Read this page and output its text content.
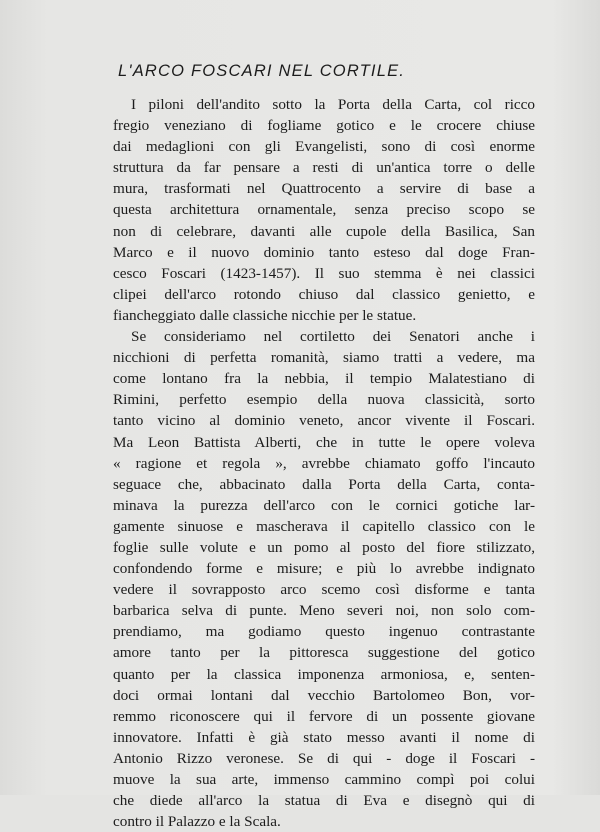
L'ARCO FOSCARI NEL CORTILE.
I piloni dell'andito sotto la Porta della Carta, col ricco
fregio veneziano di fogliame gotico e le crocere chiuse
dai medaglioni con gli Evangelisti, sono di così enorme
struttura da far pensare a resti di un'antica torre o delle
mura, trasformati nel Quattrocento a servire di base a
questa architettura ornamentale, senza preciso scopo se
non di celebrare, davanti alle cupole della Basilica, San
Marco e il nuovo dominio tanto esteso dal doge Fran-
cesco Foscari (1423-1457). Il suo stemma è nei classici
clipei dell'arco rotondo chiuso dal classico genietto, e
fiancheggiato dalle classiche nicchie per le statue.
Se consideriamo nel cortiletto dei Senatori anche i
nicchioni di perfetta romanità, siamo tratti a vedere, ma
come lontano fra la nebbia, il tempio Malatestiano di
Rimini, perfetto esempio della nuova classicità, sorto
tanto vicino al dominio veneto, ancor vivente il Foscari.
Ma Leon Battista Alberti, che in tutte le opere voleva
« ragione et regola », avrebbe chiamato goffo l'incauto
seguace che, abbacinato dalla Porta della Carta, conta-
minava la purezza dell'arco con le cornici gotiche lar-
gamente sinuose e mascherava il capitello classico con le
foglie sulle volute e un pomo al posto del fiore stilizzato,
confondendo forme e misure; e più lo avrebbe indignato
vedere il sovrapposto arco scemo così disforme e tanta
barbarica selva di punte. Meno severi noi, non solo com-
prendiamo, ma godiamo questo ingenuo contrastante
amore tanto per la pittoresca suggestione del gotico
quanto per la classica imponenza armoniosa, e, senten-
doci ormai lontani dal vecchio Bartolomeo Bon, vor-
remmo riconoscere qui il fervore di un possente giovane
innovatore. Infatti è già stato messo avanti il nome di
Antonio Rizzo veronese. Se di qui - doge il Foscari -
muove la sua arte, immenso cammino compì poi colui
che diede all'arco la statua di Eva e disegnò qui di
contro il Palazzo e la Scala.
